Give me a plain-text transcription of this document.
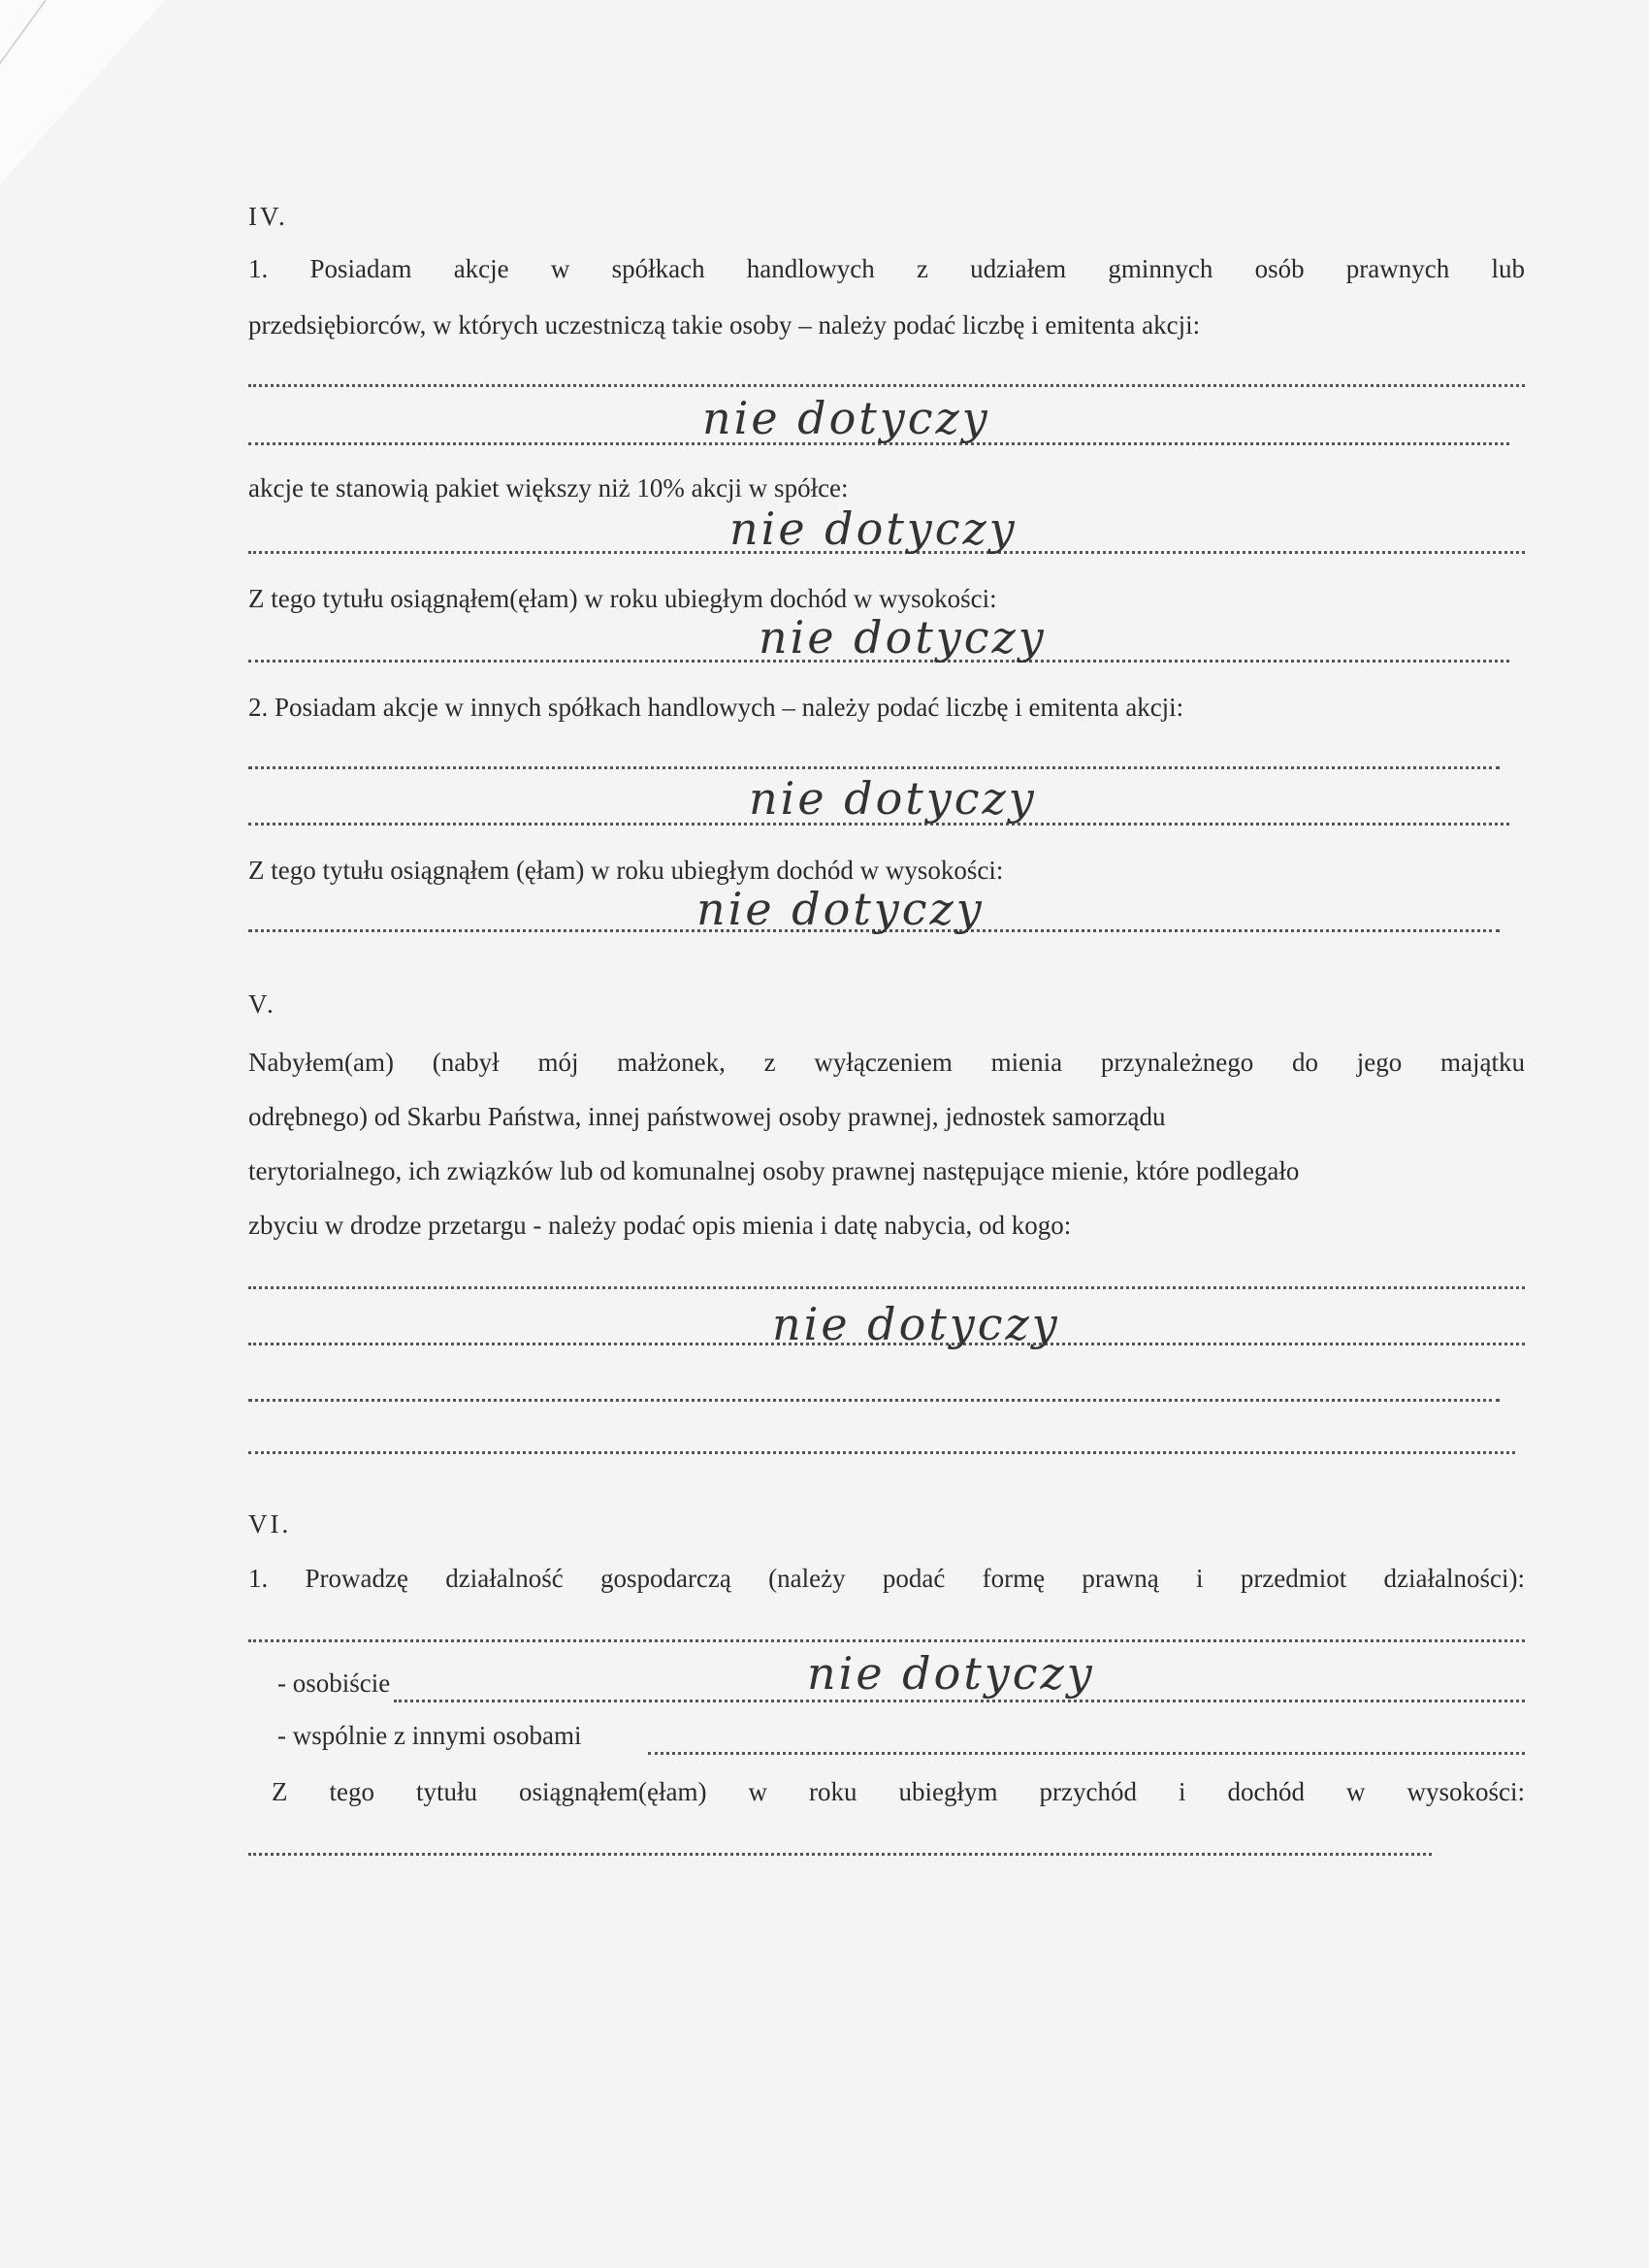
IV.
1. Posiadam akcje w spółkach handlowych z udziałem gminnych osób prawnych lub
przedsiębiorców, w których uczestniczą takie osoby – należy podać liczbę i emitenta akcji:
nie dotyczy
akcje te stanowią pakiet większy niż 10% akcji w spółce:
nie dotyczy
Z tego tytułu osiągnąłem(ęłam) w roku ubiegłym dochód w wysokości:
nie dotyczy
2. Posiadam akcje w innych spółkach handlowych – należy podać liczbę i emitenta akcji:
nie dotyczy
Z tego tytułu osiągnąłem (ęłam) w roku ubiegłym dochód w wysokości:
nie dotyczy
V.
Nabyłem(am) (nabył mój małżonek, z wyłączeniem mienia przynależnego do jego majątku
odrębnego) od Skarbu Państwa, innej państwowej osoby prawnej, jednostek samorządu
terytorialnego, ich związków lub od komunalnej osoby prawnej następujące mienie, które podlegało
zbyciu w drodze przetargu - należy podać opis mienia i datę nabycia, od kogo:
nie dotyczy
VI.
1. Prowadzę działalność gospodarczą (należy podać formę prawną i przedmiot działalności):
- osobiście	nie dotyczy
- wspólnie z innymi osobami
Z tego tytułu osiągnąłem(ęłam) w roku ubiegłym przychód i dochód w wysokości:
